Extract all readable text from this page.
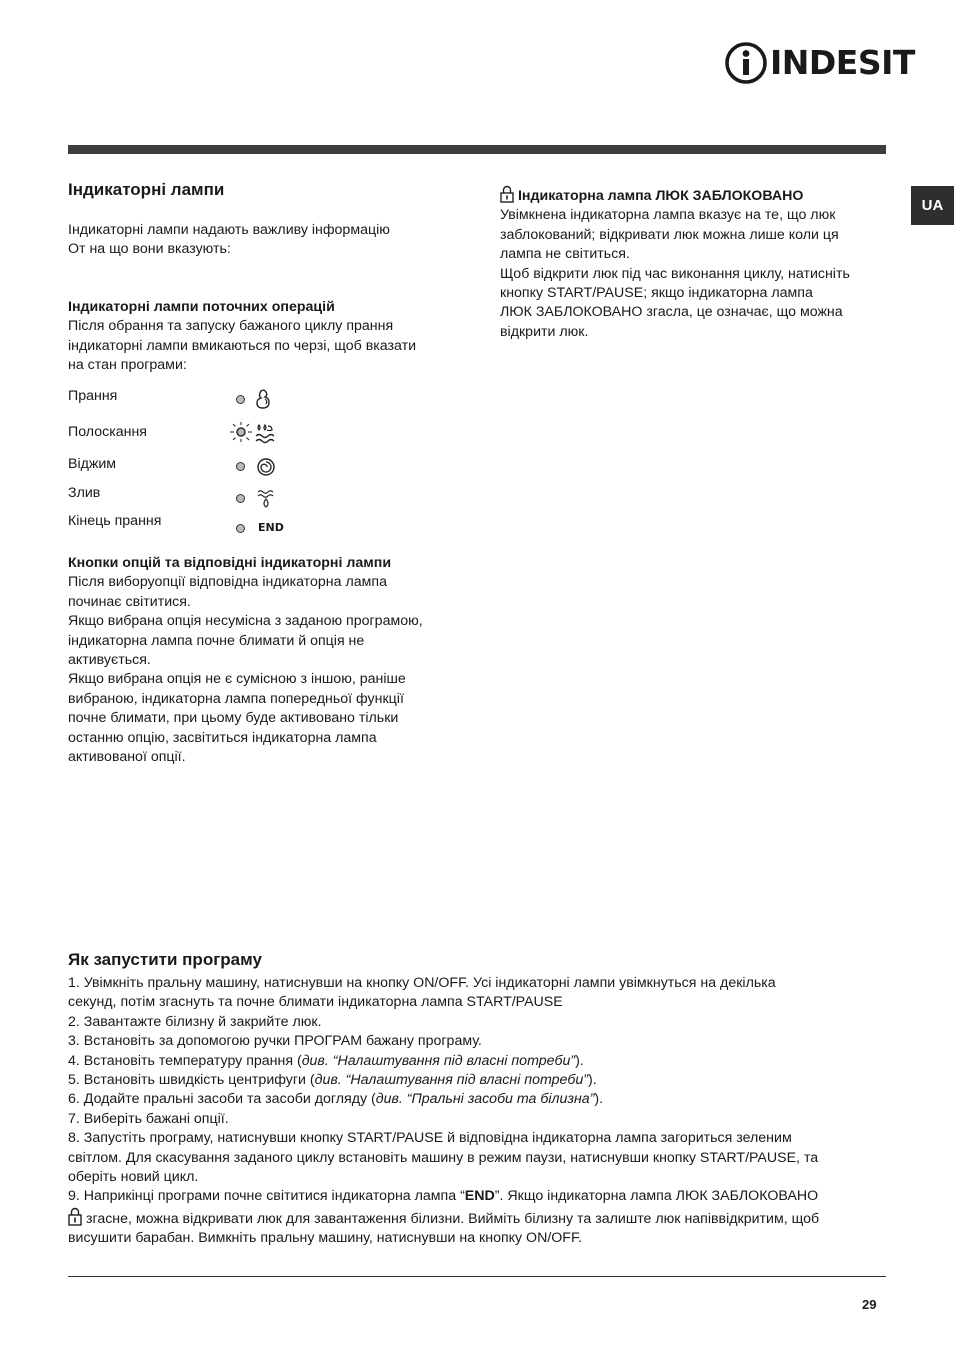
INDESIT
UA
Індикаторні лампи
Індикаторні лампи надають важливу інформацію
От на що вони вказують:
Індикаторні лампи поточних операцій
Після обрання та запуску бажаного циклу прання
індикаторні лампи вмикаються по черзі, щоб вказати
на стан програми:
Прання
Полоскання
Віджим
Злив
Кінець прання	END
Кнопки опцій та відповідні індикаторні лампи
Після виборуопції відповідна індикаторна лампа
починає світитися.
Якщо вибрана опція несумісна з заданою програмою,
індикаторна лампа почне блимати й опція не
активується.
Якщо вибрана опція не є сумісною з іншою, раніше
вибраною, індикаторна лампа попередньої функції
почне блимати, при цьому буде активовано тільки
останню опцію, засвітиться індикаторна лампа
активованої опції.
Індикаторна лампа ЛЮК ЗАБЛОКОВАНО
Увімкнена індикаторна лампа вказує на те, що люк
заблокований; відкривати люк можна лише коли ця
лампа не світиться.
Щоб відкрити люк під час виконання циклу, натисніть
кнопку START/PAUSE; якщо індикаторна лампа
ЛЮК ЗАБЛОКОВАНО згасла, це означає, що можна
відкрити люк.
Як запустити програму
1. Увімкніть пральну машину, натиснувши на кнопку ON/OFF. Усі індикаторні лампи увімкнуться на декілька
секунд, потім згаснуть та почне блимати індикаторна лампа START/PAUSE
2. Завантажте білизну й закрийте люк.
3. Встановіть за допомогою ручки ПРОГРАМ бажану програму.
4. Встановіть температуру прання (див. “Налаштування під власні потреби”).
5. Встановіть швидкість центрифуги (див. “Налаштування під власні потреби”).
6. Додайте пральні засоби та засоби догляду (див. “Пральні засоби та білизна”).
7. Виберіть бажані опції.
8. Запустіть програму, натиснувши кнопку START/PAUSE й відповідна індикаторна лампа загориться зеленим
світлом. Для скасування заданого циклу встановіть машину в режим паузи, натиснувши кнопку START/PAUSE, та
оберіть новий цикл.
9. Наприкінці програми почне світитися індикаторна лампа “END”. Якщо індикаторна лампа ЛЮК ЗАБЛОКОВАНО
згасне, можна відкривати люк для завантаження білизни. Вийміть білизну та залиште люк напіввідкритим, щоб
висушити барабан. Вимкніть пральну машину, натиснувши на кнопку ON/OFF.
29
